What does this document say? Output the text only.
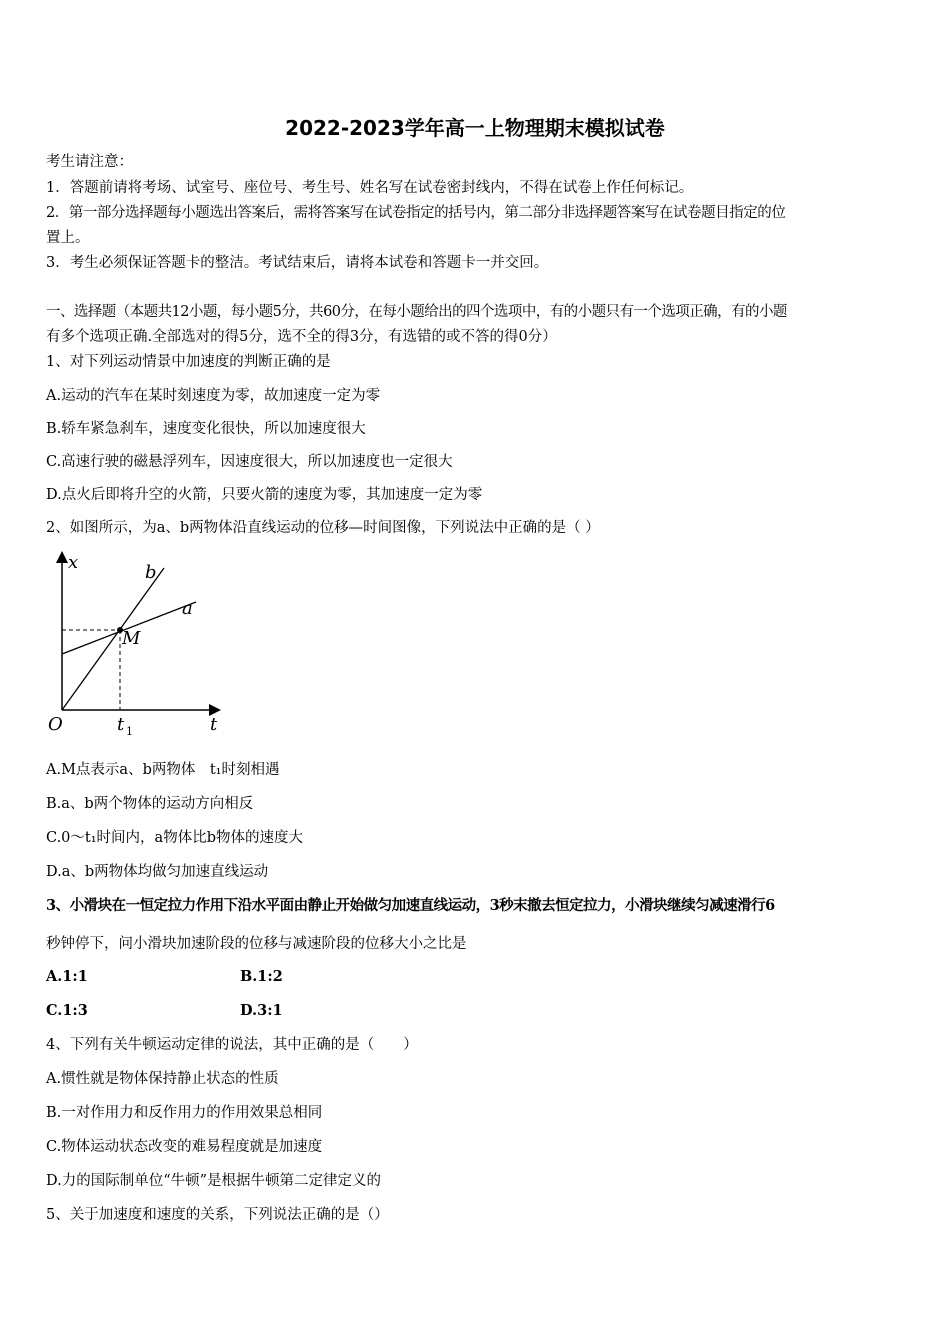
2022-2023学年高一上物理期末模拟试卷
考生请注意：
1．答题前请将考场、试室号、座位号、考生号、姓名写在试卷密封线内，不得在试卷上作任何标记。
2．第一部分选择题每小题选出答案后，需将答案写在试卷指定的括号内，第二部分非选择题答案写在试卷题目指定的位
置上。
3．考生必须保证答题卡的整洁。考试结束后，请将本试卷和答题卡一并交回。
一、选择题（本题共12小题，每小题5分，共60分，在每小题给出的四个选项中，有的小题只有一个选项正确，有的小题
有多个选项正确.全部选对的得5分，选不全的得3分，有选错的或不答的得0分）
1、对下列运动情景中加速度的判断正确的是
A.运动的汽车在某时刻速度为零，故加速度一定为零
B.轿车紧急刹车，速度变化很快，所以加速度很大
C.高速行驶的磁悬浮列车，因速度很大，所以加速度也一定很大
D.点火后即将升空的火箭，只要火箭的速度为零，其加速度一定为零
2、如图所示，为a、b两物体沿直线运动的位移—时间图像，下列说法中正确的是（ ）
x
t
O
M
b
a
t 1
A.M点表示a、b两物体　t₁时刻相遇
B.a、b两个物体的运动方向相反
C.0～t₁时间内，a物体比b物体的速度大
D.a、b两物体均做匀加速直线运动
3、小滑块在一恒定拉力作用下沿水平面由静止开始做匀加速直线运动，3秒末撤去恒定拉力，小滑块继续匀减速滑行6
秒钟停下，问小滑块加速阶段的位移与减速阶段的位移大小之比是
A.1:1	B.1:2
C.1:3	D.3:1
4、下列有关牛顿运动定律的说法，其中正确的是（　　）
A.惯性就是物体保持静止状态的性质
B.一对作用力和反作用力的作用效果总相同
C.物体运动状态改变的难易程度就是加速度
D.力的国际制单位“牛顿”是根据牛顿第二定律定义的
5、关于加速度和速度的关系，下列说法正确的是（）
